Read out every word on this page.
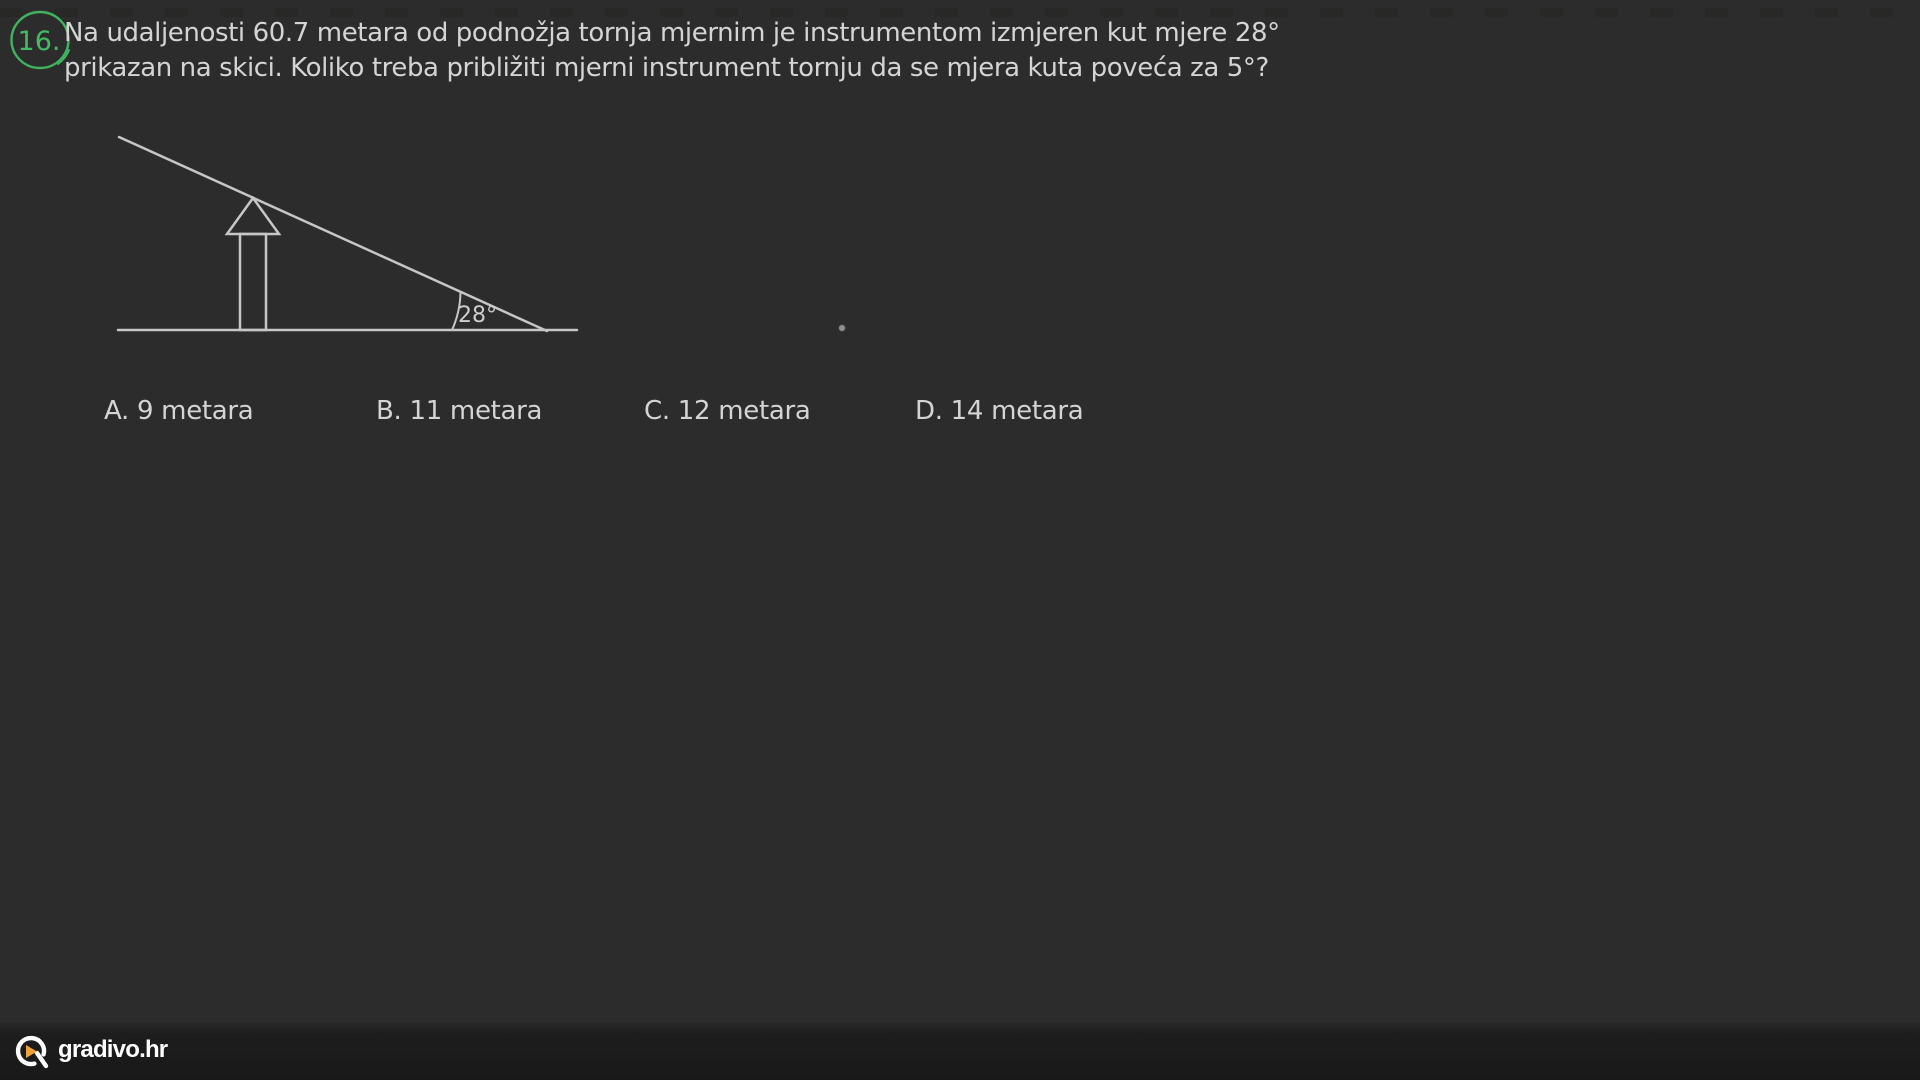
16. Na udaljenosti 60.7 metara od podnožja tornja mjernim je instrumentom izmjeren kut mjere 28°
prikazan na skici. Koliko treba približiti mjerni instrument tornju da se mjera kuta poveća za 5°?
28°
A. 9 metara	B. 11 metara	C. 12 metara	D. 14 metara
gradivo.hr
